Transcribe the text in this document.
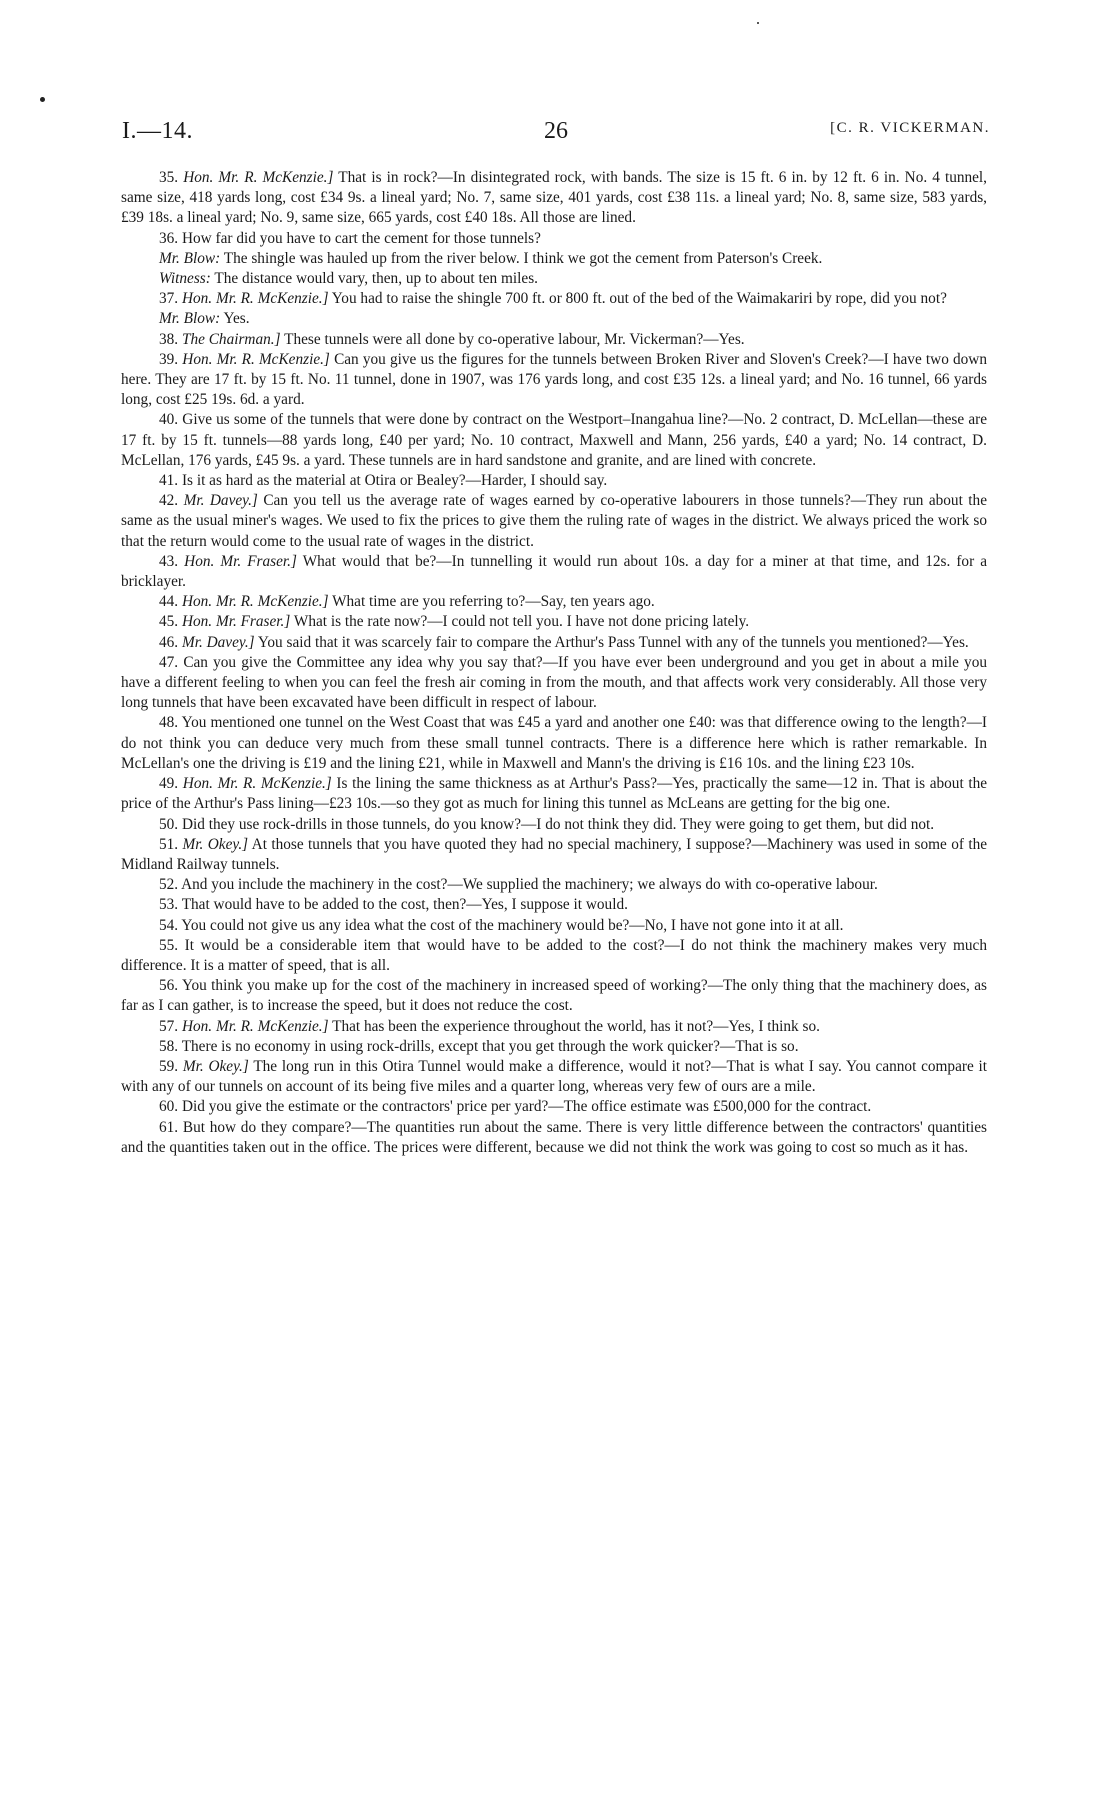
I.—14.	26	[C. R. VICKERMAN.

35. Hon. Mr. R. McKenzie.] That is in rock?—In disintegrated rock, with bands. The size is 15 ft. 6 in. by 12 ft. 6 in. No. 4 tunnel, same size, 418 yards long, cost £34 9s. a lineal yard; No. 7, same size, 401 yards, cost £38 11s. a lineal yard; No. 8, same size, 583 yards, £39 18s. a lineal yard; No. 9, same size, 665 yards, cost £40 18s. All those are lined.

36. How far did you have to cart the cement for those tunnels?

Mr. Blow: The shingle was hauled up from the river below. I think we got the cement from Paterson's Creek.

Witness: The distance would vary, then, up to about ten miles.

37. Hon. Mr. R. McKenzie.] You had to raise the shingle 700 ft. or 800 ft. out of the bed of the Waimakariri by rope, did you not?

Mr. Blow: Yes.

38. The Chairman.] These tunnels were all done by co-operative labour, Mr. Vickerman?—Yes.

39. Hon. Mr. R. McKenzie.] Can you give us the figures for the tunnels between Broken River and Sloven's Creek?—I have two down here. They are 17 ft. by 15 ft. No. 11 tunnel, done in 1907, was 176 yards long, and cost £35 12s. a lineal yard; and No. 16 tunnel, 66 yards long, cost £25 19s. 6d. a yard.

40. Give us some of the tunnels that were done by contract on the Westport–Inangahua line?—No. 2 contract, D. McLellan—these are 17 ft. by 15 ft. tunnels—88 yards long, £40 per yard; No. 10 contract, Maxwell and Mann, 256 yards, £40 a yard; No. 14 contract, D. McLellan, 176 yards, £45 9s. a yard. These tunnels are in hard sandstone and granite, and are lined with concrete.

41. Is it as hard as the material at Otira or Bealey?—Harder, I should say.

42. Mr. Davey.] Can you tell us the average rate of wages earned by co-operative labourers in those tunnels?—They run about the same as the usual miner's wages. We used to fix the prices to give them the ruling rate of wages in the district. We always priced the work so that the return would come to the usual rate of wages in the district.

43. Hon. Mr. Fraser.] What would that be?—In tunnelling it would run about 10s. a day for a miner at that time, and 12s. for a bricklayer.

44. Hon. Mr. R. McKenzie.] What time are you referring to?—Say, ten years ago.

45. Hon. Mr. Fraser.] What is the rate now?—I could not tell you. I have not done pricing lately.

46. Mr. Davey.] You said that it was scarcely fair to compare the Arthur's Pass Tunnel with any of the tunnels you mentioned?—Yes.

47. Can you give the Committee any idea why you say that?—If you have ever been underground and you get in about a mile you have a different feeling to when you can feel the fresh air coming in from the mouth, and that affects work very considerably. All those very long tunnels that have been excavated have been difficult in respect of labour.

48. You mentioned one tunnel on the West Coast that was £45 a yard and another one £40: was that difference owing to the length?—I do not think you can deduce very much from these small tunnel contracts. There is a difference here which is rather remarkable. In McLellan's one the driving is £19 and the lining £21, while in Maxwell and Mann's the driving is £16 10s. and the lining £23 10s.

49. Hon. Mr. R. McKenzie.] Is the lining the same thickness as at Arthur's Pass?—Yes, practically the same—12 in. That is about the price of the Arthur's Pass lining—£23 10s.—so they got as much for lining this tunnel as McLeans are getting for the big one.

50. Did they use rock-drills in those tunnels, do you know?—I do not think they did. They were going to get them, but did not.

51. Mr. Okey.] At those tunnels that you have quoted they had no special machinery, I suppose?—Machinery was used in some of the Midland Railway tunnels.

52. And you include the machinery in the cost?—We supplied the machinery; we always do with co-operative labour.

53. That would have to be added to the cost, then?—Yes, I suppose it would.

54. You could not give us any idea what the cost of the machinery would be?—No, I have not gone into it at all.

55. It would be a considerable item that would have to be added to the cost?—I do not think the machinery makes very much difference. It is a matter of speed, that is all.

56. You think you make up for the cost of the machinery in increased speed of working?—The only thing that the machinery does, as far as I can gather, is to increase the speed, but it does not reduce the cost.

57. Hon. Mr. R. McKenzie.] That has been the experience throughout the world, has it not?—Yes, I think so.

58. There is no economy in using rock-drills, except that you get through the work quicker?—That is so.

59. Mr. Okey.] The long run in this Otira Tunnel would make a difference, would it not?—That is what I say. You cannot compare it with any of our tunnels on account of its being five miles and a quarter long, whereas very few of ours are a mile.

60. Did you give the estimate or the contractors' price per yard?—The office estimate was £500,000 for the contract.

61. But how do they compare?—The quantities run about the same. There is very little difference between the contractors' quantities and the quantities taken out in the office. The prices were different, because we did not think the work was going to cost so much as it has.
